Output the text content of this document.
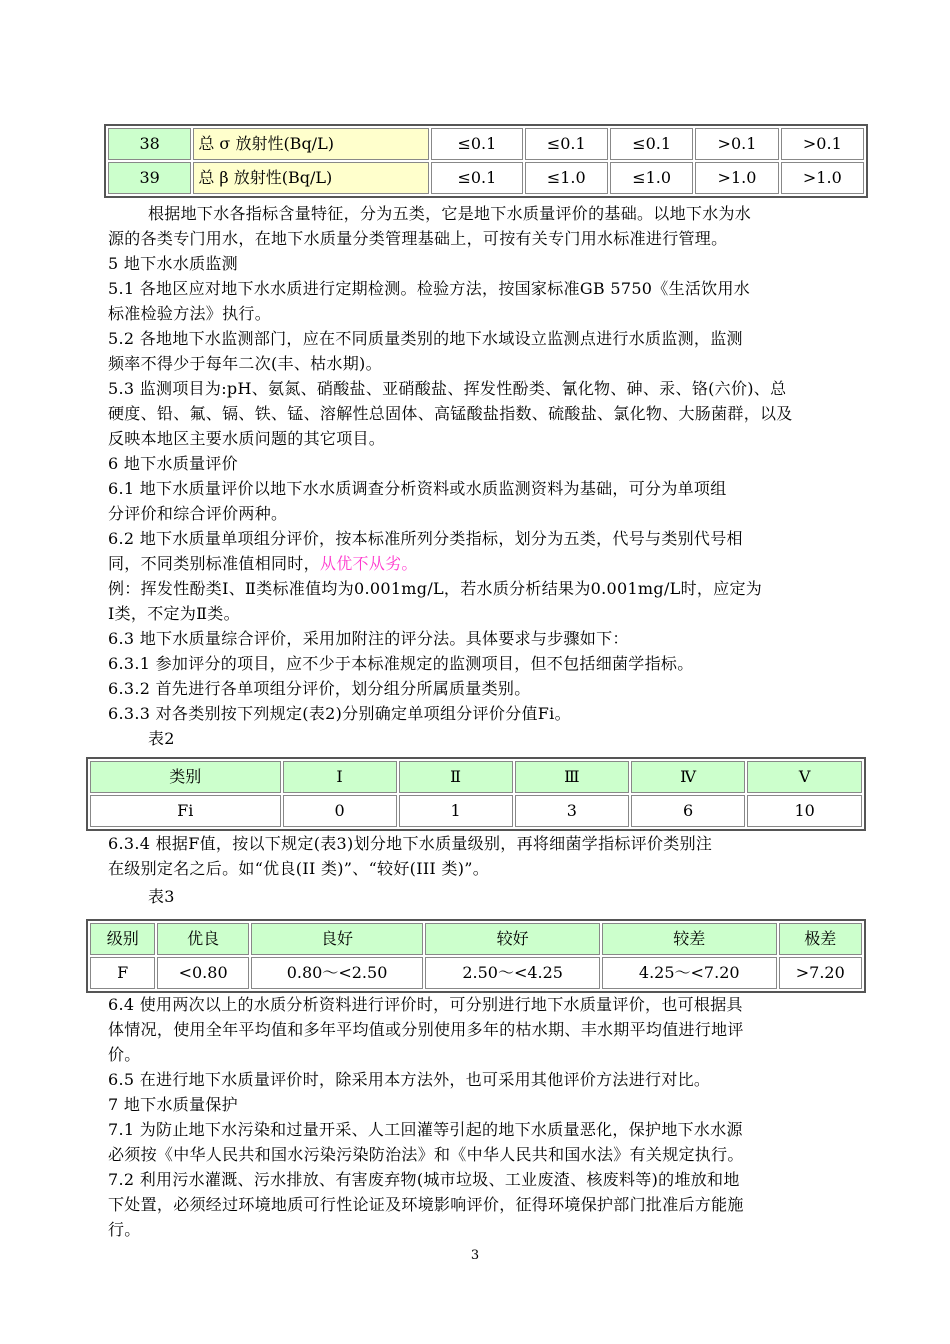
38	总 σ 放射性(Bq/L)	≤0.1	≤0.1	≤0.1	>0.1	>0.1
39	总 β 放射性(Bq/L)	≤0.1	≤1.0	≤1.0	>1.0	>1.0
根据地下水各指标含量特征，分为五类，它是地下水质量评价的基础。以地下水为水
源的各类专门用水，在地下水质量分类管理基础上，可按有关专门用水标准进行管理。
5 地下水水质监测
5.1 各地区应对地下水水质进行定期检测。检验方法，按国家标准GB 5750《生活饮用水
标准检验方法》执行。
5.2 各地地下水监测部门，应在不同质量类别的地下水域设立监测点进行水质监测，监测
频率不得少于每年二次(丰、枯水期)。
5.3 监测项目为:pH、氨氮、硝酸盐、亚硝酸盐、挥发性酚类、氰化物、砷、汞、铬(六价)、总
硬度、铅、氟、镉、铁、锰、溶解性总固体、高锰酸盐指数、硫酸盐、氯化物、大肠菌群，以及
反映本地区主要水质问题的其它项目。
6 地下水质量评价
6.1 地下水质量评价以地下水水质调查分析资料或水质监测资料为基础，可分为单项组
分评价和综合评价两种。
6.2 地下水质量单项组分评价，按本标准所列分类指标，划分为五类，代号与类别代号相
同，不同类别标准值相同时，从优不从劣。
例：挥发性酚类Ⅰ、Ⅱ类标准值均为0.001mg/L，若水质分析结果为0.001mg/L时，应定为
Ⅰ类，不定为Ⅱ类。
6.3 地下水质量综合评价，采用加附注的评分法。具体要求与步骤如下：
6.3.1 参加评分的项目，应不少于本标准规定的监测项目，但不包括细菌学指标。
6.3.2 首先进行各单项组分评价，划分组分所属质量类别。
6.3.3 对各类别按下列规定(表2)分别确定单项组分评价分值Fi。
表2
类别	Ⅰ	Ⅱ	Ⅲ	Ⅳ	Ⅴ
Fi	0	1	3	6	10
6.3.4 根据F值，按以下规定(表3)划分地下水质量级别，再将细菌学指标评价类别注
在级别定名之后。如“优良(II 类)”、“较好(III 类)”。
表3
级别	优良	良好	较好	较差	极差
F	<0.80	0.80～<2.50	2.50～<4.25	4.25～<7.20	>7.20
6.4 使用两次以上的水质分析资料进行评价时，可分别进行地下水质量评价，也可根据具
体情况，使用全年平均值和多年平均值或分别使用多年的枯水期、丰水期平均值进行地评
价。
6.5 在进行地下水质量评价时，除采用本方法外，也可采用其他评价方法进行对比。
7 地下水质量保护
7.1 为防止地下水污染和过量开采、人工回灌等引起的地下水质量恶化，保护地下水水源
必须按《中华人民共和国水污染污染防治法》和《中华人民共和国水法》有关规定执行。
7.2 利用污水灌溉、污水排放、有害废弃物(城市垃圾、工业废渣、核废料等)的堆放和地
下处置，必须经过环境地质可行性论证及环境影响评价，征得环境保护部门批准后方能施
行。
3
